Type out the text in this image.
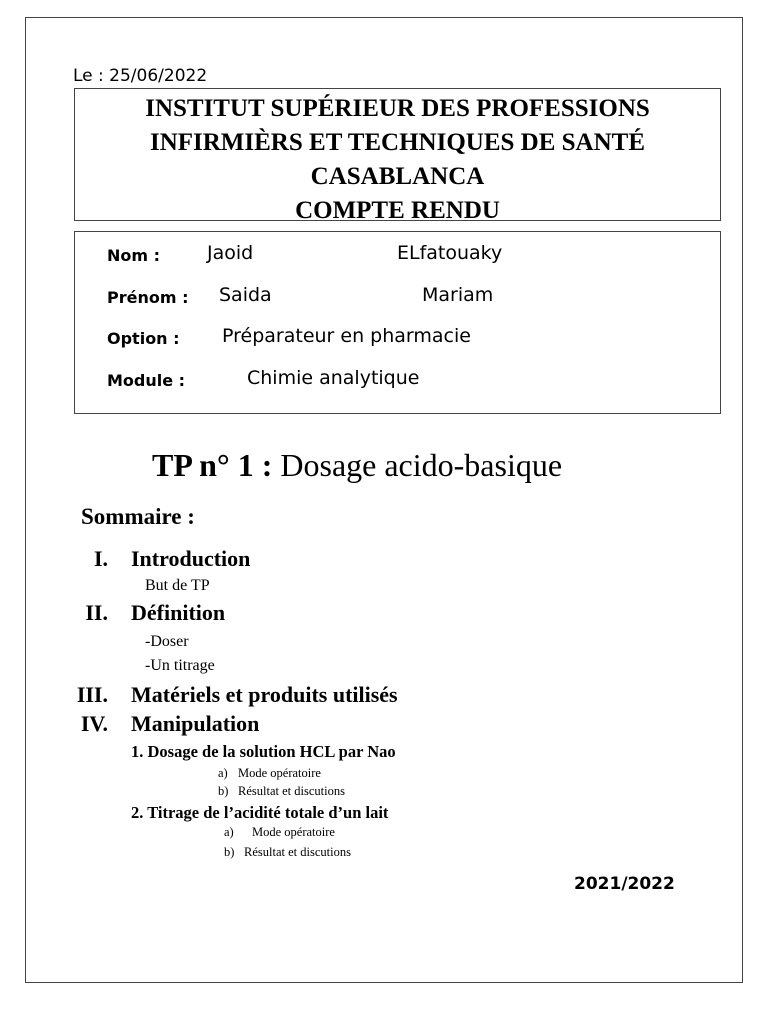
Le : 25/06/2022
INSTITUT SUPÉRIEUR DES PROFESSIONS
INFIRMIÈRS ET TECHNIQUES DE SANTÉ
CASABLANCA
COMPTE RENDU
Nom : Jaoid	ELfatouaky
Prénom : Saida	Mariam
Option : Préparateur en pharmacie
Module :	Chimie analytique
TP n° 1 : Dosage acido-basique
Sommaire :
I. Introduction
But de TP
II. Définition
-Doser
-Un titrage
III. Matériels et produits utilisés
IV. Manipulation
1. Dosage de la solution HCL par Nao
a) Mode opératoire
b) Résultat et discutions
2. Titrage de l’acidité totale d’un lait
a) Mode opératoire
b) Résultat et discutions
2021/2022
